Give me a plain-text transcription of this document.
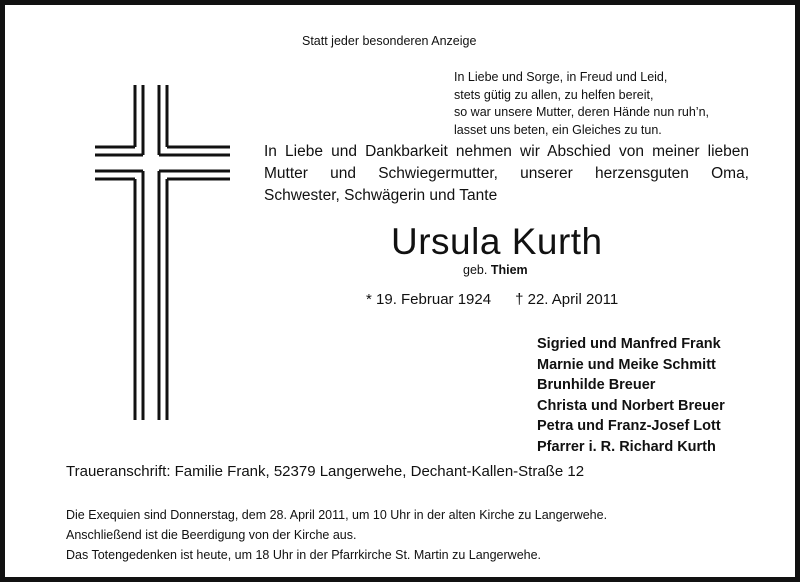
Statt jeder besonderen Anzeige
In Liebe und Sorge, in Freud und Leid,
stets gütig zu allen, zu helfen bereit,
so war unsere Mutter, deren Hände nun ruh’n,
lasset uns beten, ein Gleiches zu tun.
In Liebe und Dankbarkeit nehmen wir Abschied von meiner lieben
Mutter und Schwiegermutter, unserer herzensguten Oma,
Schwester, Schwägerin und Tante
Ursula Kurth
geb. Thiem
* 19. Februar 1924 † 22. April 2011
Sigried und Manfred Frank
Marnie und Meike Schmitt
Brunhilde Breuer
Christa und Norbert Breuer
Petra und Franz-Josef Lott
Pfarrer i. R. Richard Kurth
Traueranschrift: Familie Frank, 52379 Langerwehe, Dechant-Kallen-Straße 12
Die Exequien sind Donnerstag, dem 28. April 2011, um 10 Uhr in der alten Kirche zu Langerwehe.
Anschließend ist die Beerdigung von der Kirche aus.
Das Totengedenken ist heute, um 18 Uhr in der Pfarrkirche St. Martin zu Langerwehe.
